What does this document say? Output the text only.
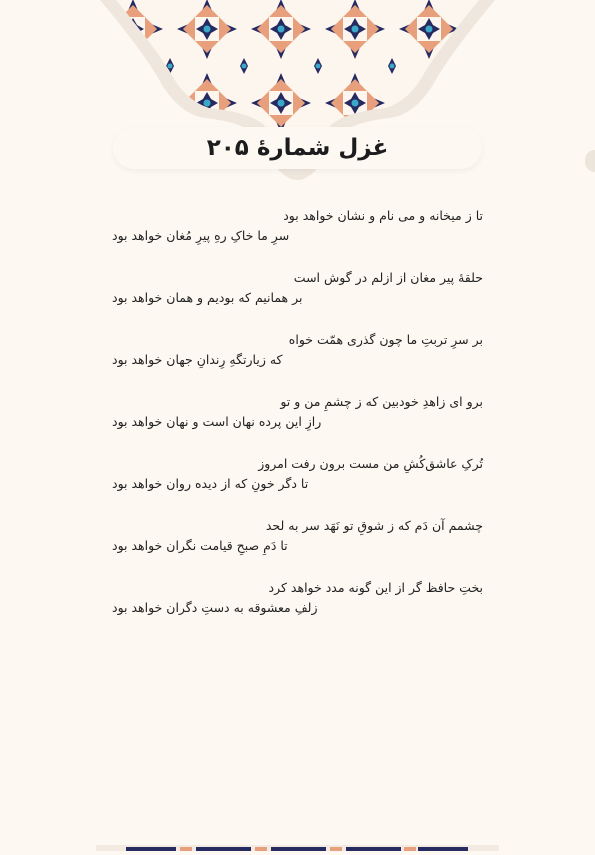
غزل شمارهٔ ۲۰۵
تا ز میخانه و می نام و نشان خواهد بود
سرِ ما خاکِ رهِ پیرِ مُغان خواهد بود
حلقهٔ پیر مغان از ازلم در گوش است
بر همانیم که بودیم و همان خواهد بود
بر سرِ تربتِ ما چون گذری همّت خواه
که زیارتگهِ رِندانِ جهان خواهد بود
برو ای زاهدِ خودبین که ز چشمِ من و تو
رازِ این پرده نهان است و نهان خواهد بود
تُرکِ عاشق‌کُشِ من مست برون رفت امروز
تا دگر خونِ که از دیده روان خواهد بود
چشمم آن دَم که ز شوقِ تو نَهَد سر به لحد
تا دَمِ صبحِ قیامت نگران خواهد بود
بختِ حافظ گر از این گونه مدد خواهد کرد
زلفِ معشوقه به دستِ دگران خواهد بود
